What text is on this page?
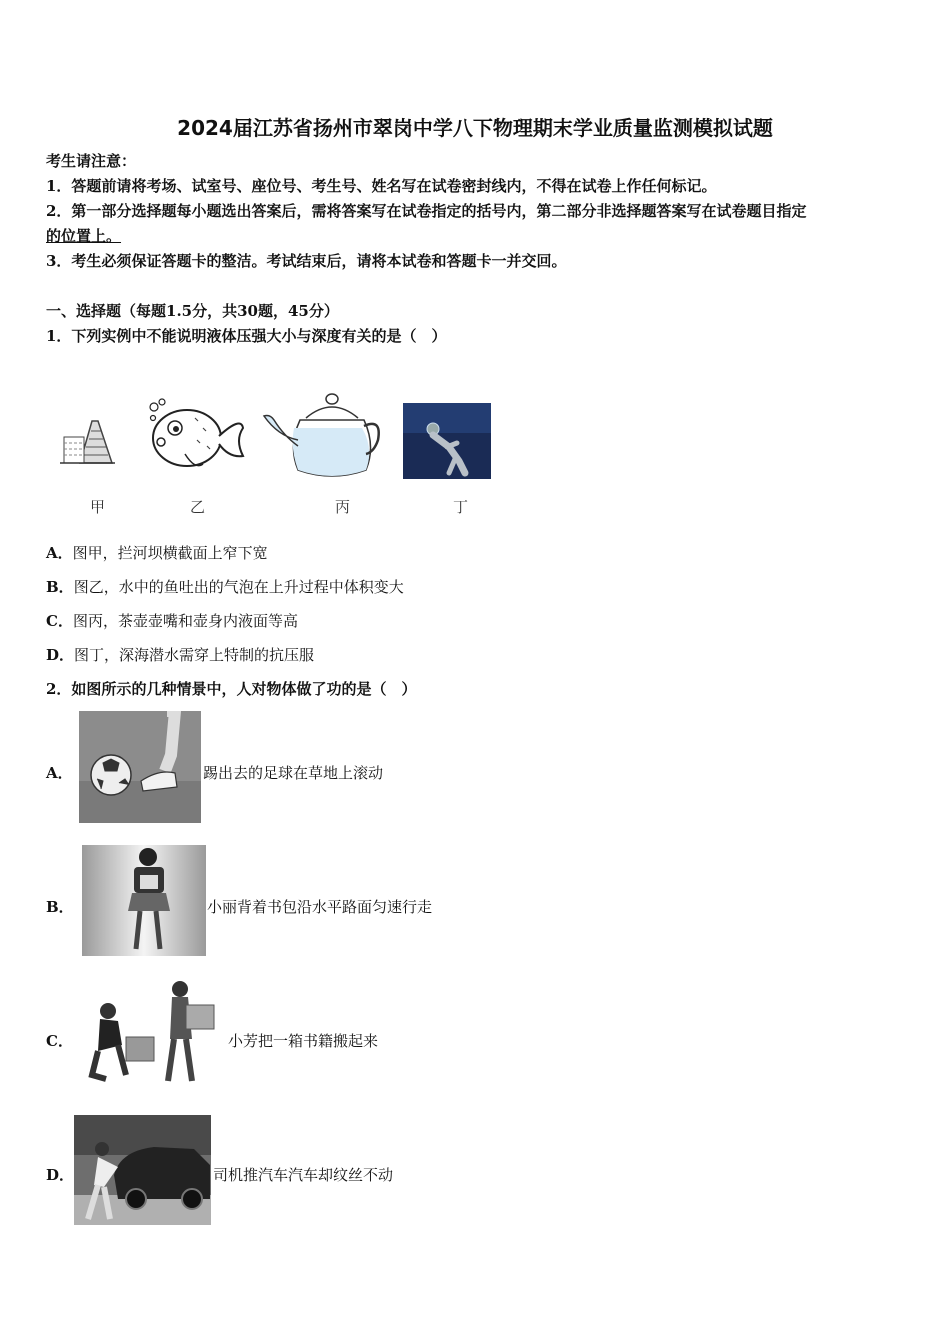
2024届江苏省扬州市翠岗中学八下物理期末学业质量监测模拟试题
考生请注意：
1．答题前请将考场、试室号、座位号、考生号、姓名写在试卷密封线内，不得在试卷上作任何标记。
2．第一部分选择题每小题选出答案后，需将答案写在试卷指定的括号内，第二部分非选择题答案写在试卷题目指定
的位置上。
3．考生必须保证答题卡的整洁。考试结束后，请将本试卷和答题卡一并交回。
一、选择题（每题1.5分，共30题，45分）
1．下列实例中不能说明液体压强大小与深度有关的是（　）
甲	乙	丙	丁
A．图甲，拦河坝横截面上窄下宽
B．图乙，水中的鱼吐出的气泡在上升过程中体积变大
C．图丙，茶壶壶嘴和壶身内液面等高
D．图丁，深海潜水需穿上特制的抗压服
2．如图所示的几种情景中，人对物体做了功的是（　）
A．	踢出去的足球在草地上滚动
B．	小丽背着书包沿水平路面匀速行走
C．	小芳把一箱书籍搬起来
D．	司机推汽车汽车却纹丝不动
